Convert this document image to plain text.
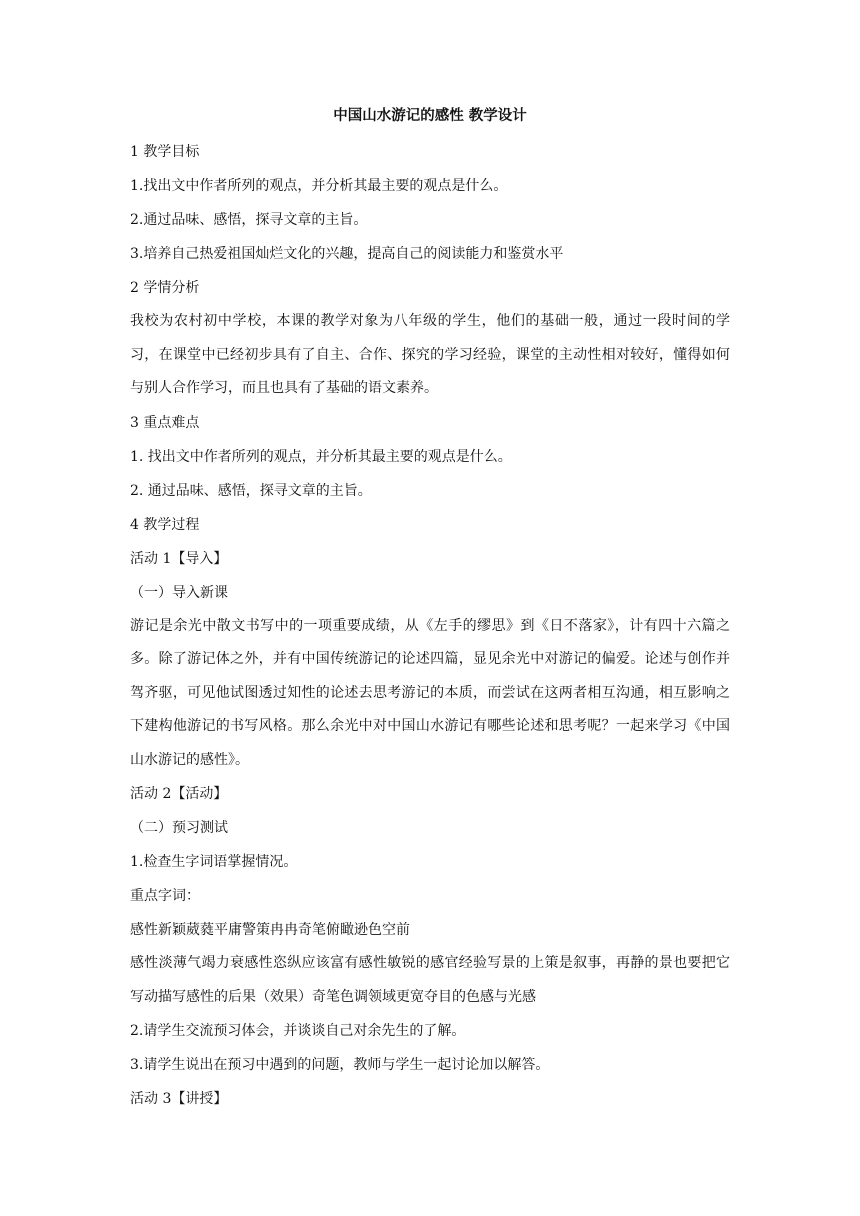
中国山水游记的感性 教学设计
1 教学目标
1.找出文中作者所列的观点，并分析其最主要的观点是什么。
2.通过品味、感悟，探寻文章的主旨。
3.培养自己热爱祖国灿烂文化的兴趣，提高自己的阅读能力和鉴赏水平
2 学情分析
我校为农村初中学校，本课的教学对象为八年级的学生，他们的基础一般，通过一段时间的学习，在课堂中已经初步具有了自主、合作、探究的学习经验，课堂的主动性相对较好，懂得如何与别人合作学习，而且也具有了基础的语文素养。
3 重点难点
1. 找出文中作者所列的观点，并分析其最主要的观点是什么。
2. 通过品味、感悟，探寻文章的主旨。
4 教学过程
活动 1【导入】
（一）导入新课
游记是余光中散文书写中的一项重要成绩，从《左手的缪思》到《日不落家》，计有四十六篇之多。除了游记体之外，并有中国传统游记的论述四篇，显见余光中对游记的偏爱。论述与创作并驾齐驱，可见他试图透过知性的论述去思考游记的本质，而尝试在这两者相互沟通，相互影响之下建构他游记的书写风格。那么余光中对中国山水游记有哪些论述和思考呢？一起来学习《中国山水游记的感性》。
活动 2【活动】
（二）预习测试
1.检查生字词语掌握情况。
重点字词：
感性新颖葳蕤平庸警策冉冉奇笔俯瞰逊色空前
感性淡薄气竭力衰感性恣纵应该富有感性敏锐的感官经验写景的上策是叙事，再静的景也要把它写动描写感性的后果（效果）奇笔色调领域更宽夺目的色感与光感
2.请学生交流预习体会，并谈谈自己对余先生的了解。
3.请学生说出在预习中遇到的问题，教师与学生一起讨论加以解答。
活动 3【讲授】
